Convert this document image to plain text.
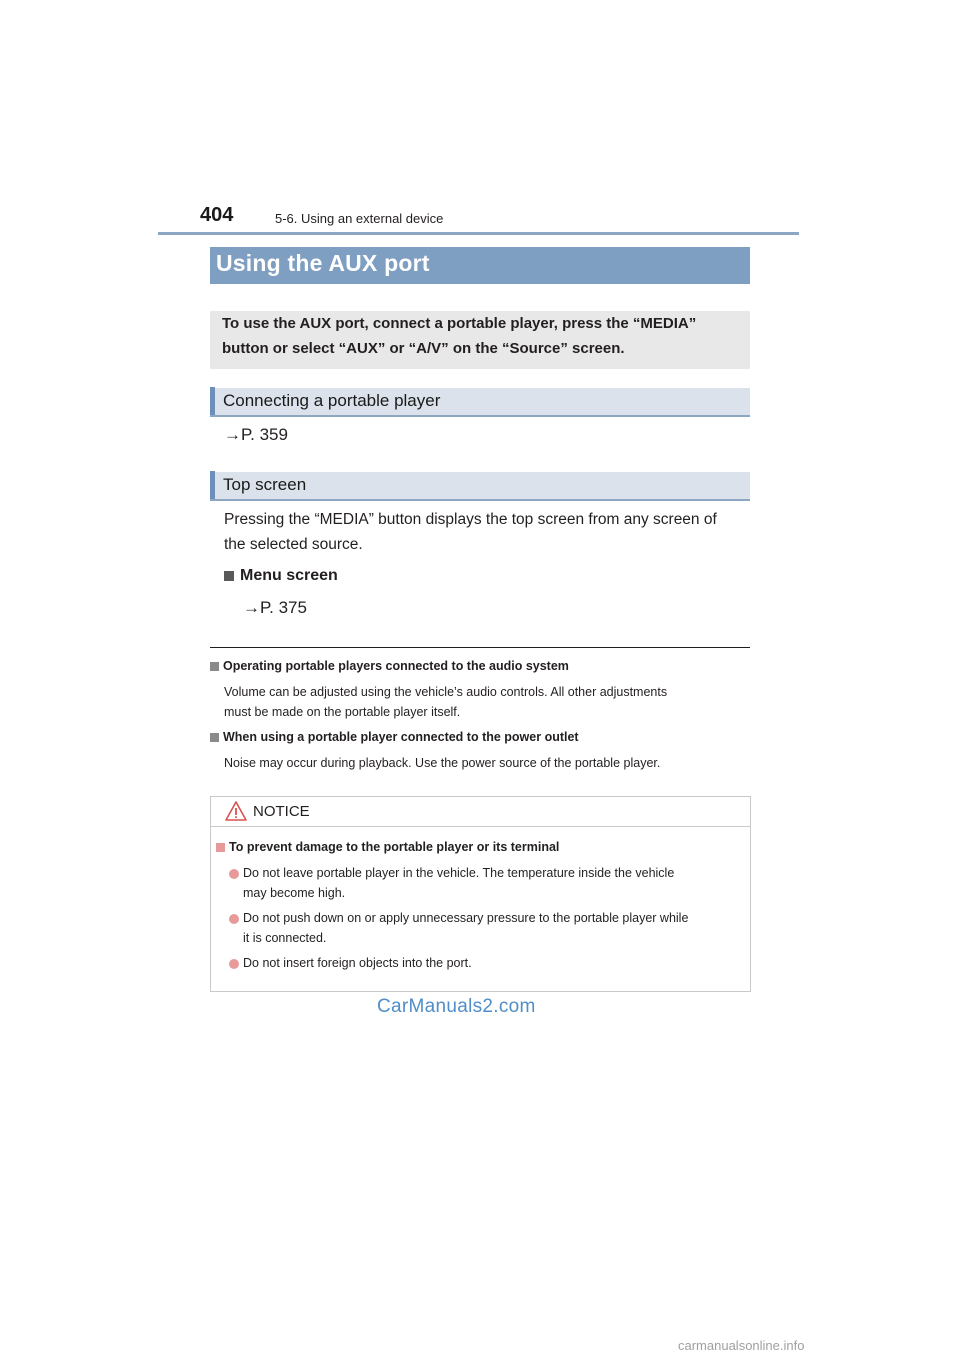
404	5-6. Using an external device
Using the AUX port
To use the AUX port, connect a portable player, press the “MEDIA”
button or select “AUX” or “A/V” on the “Source” screen.
Connecting a portable player
→P. 359
Top screen
Pressing the “MEDIA” button displays the top screen from any screen of
the selected source.
Menu screen
→P. 375
Operating portable players connected to the audio system
Volume can be adjusted using the vehicle’s audio controls. All other adjustments
must be made on the portable player itself.
When using a portable player connected to the power outlet
Noise may occur during playback. Use the power source of the portable player.
NOTICE
To prevent damage to the portable player or its terminal
Do not leave portable player in the vehicle. The temperature inside the vehicle
may become high.
Do not push down on or apply unnecessary pressure to the portable player while
it is connected.
Do not insert foreign objects into the port.
CarManuals2.com
carmanualsonline.info
